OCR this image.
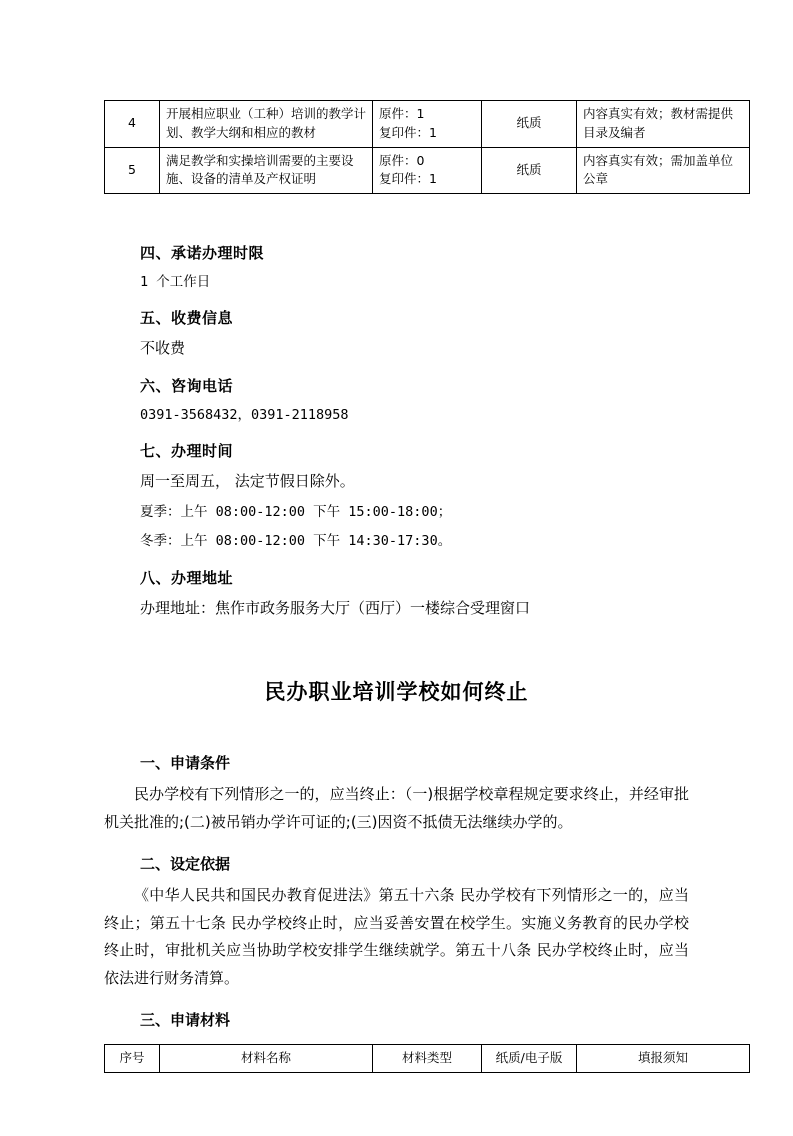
4	开展相应职业（工种）培训的教学计划、教学大纲和相应的教材	原件：1
复印件：1	纸质	内容真实有效；教材需提供目录及编者
5	满足教学和实操培训需要的主要设施、设备的清单及产权证明	原件：0
复印件：1	纸质	内容真实有效；需加盖单位公章
四、承诺办理时限
1 个工作日
五、收费信息
不收费
六、咨询电话
0391-3568432，0391-2118958
七、办理时间
周一至周五， 法定节假日除外。
夏季：上午 08:00-12:00 下午 15:00-18:00；
冬季：上午 08:00-12:00 下午 14:30-17:30。
八、办理地址
办理地址：焦作市政务服务大厅（西厅）一楼综合受理窗口
民办职业培训学校如何终止
一、申请条件
民办学校有下列情形之一的，应当终止：（一)根据学校章程规定要求终止，并经审批机关批准的;(二)被吊销办学许可证的;(三)因资不抵债无法继续办学的。
二、设定依据
《中华人民共和国民办教育促进法》第五十六条 民办学校有下列情形之一的，应当终止；第五十七条 民办学校终止时，应当妥善安置在校学生。实施义务教育的民办学校终止时，审批机关应当协助学校安排学生继续就学。第五十八条 民办学校终止时，应当依法进行财务清算。
三、申请材料
序号	材料名称	材料类型	纸质/电子版	填报须知
